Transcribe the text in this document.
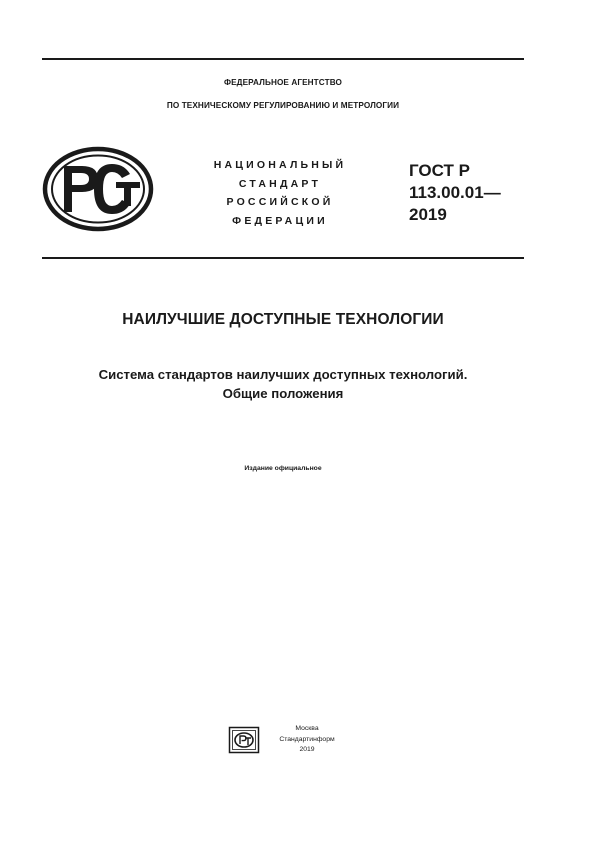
ФЕДЕРАЛЬНОЕ АГЕНТСТВО
ПО ТЕХНИЧЕСКОМУ РЕГУЛИРОВАНИЮ И МЕТРОЛОГИИ
НАЦИОНАЛЬНЫЙ
СТАНДАРТ
РОССИЙСКОЙ
ФЕДЕРАЦИИ
ГОСТ Р
113.00.01—
2019
НАИЛУЧШИЕ ДОСТУПНЫЕ ТЕХНОЛОГИИ
Система стандартов наилучших доступных технологий.
Общие положения
Издание официальное
Москва
Стандартинформ
2019
